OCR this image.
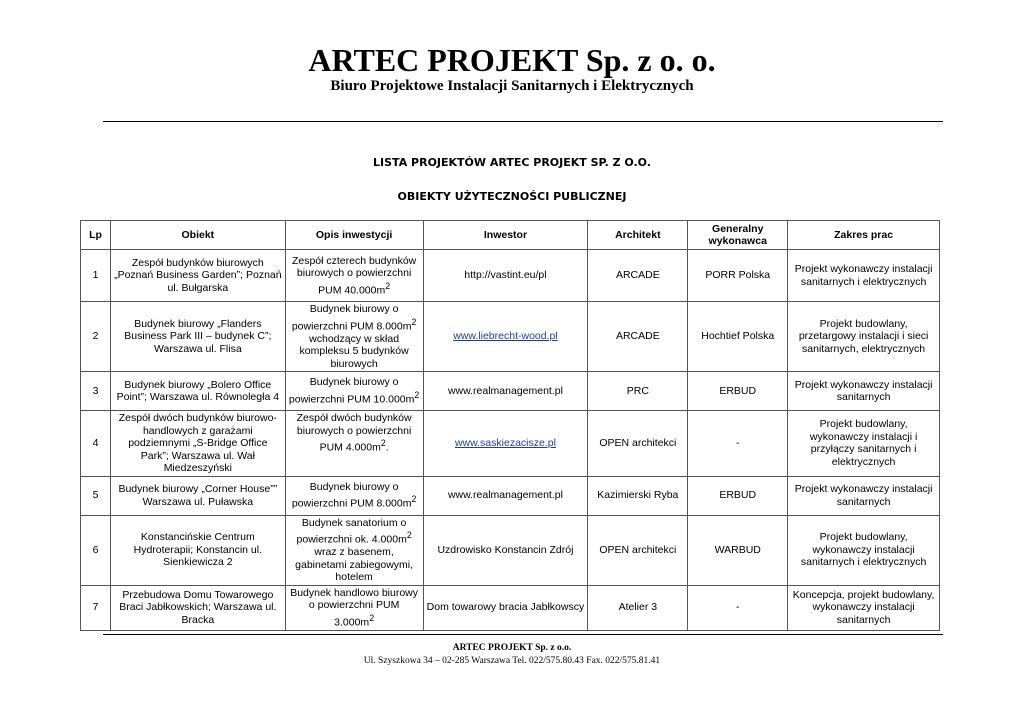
ARTEC PROJEKT Sp. z o. o.
Biuro Projektowe Instalacji Sanitarnych i Elektrycznych
LISTA PROJEKTÓW ARTEC PROJEKT SP. Z O.O.
OBIEKTY UŻYTECZNOŚCI PUBLICZNEJ
Lp	Obiekt	Opis inwestycji	Inwestor	Architekt	Generalny wykonawca	Zakres prac
1	Zespół budynków biurowych „Poznań Business Garden”; Poznań ul. Bułgarska	Zespół czterech budynków biurowych o powierzchni PUM $40.000m^2$	http://vastint.eu/pl	ARCADE	PORR Polska	Projekt wykonawczy instalacji sanitarnych i elektrycznych
2	Budynek biurowy „Flanders Business Park III – budynek C”; Warszawa ul. Flisa	Budynek biurowy o powierzchni PUM $8.000m^2$ wchodzący w skład kompleksu 5 budynków biurowych	www.liebrecht-wood.pl	ARCADE	Hochtief Polska	Projekt budowlany, przetargowy instalacji i sieci sanitarnych, elektrycznych
3	Budynek biurowy „Bolero Office Point”; Warszawa ul. Równoległa 4	Budynek biurowy o powierzchni PUM $10.000m^2$	www.realmanagement.pl	PRC	ERBUD	Projekt wykonawczy instalacji sanitarnych
4	Zespół dwóch budynków biurowo-handlowych z garażami podziemnymi „S-Bridge Office Park”; Warszawa ul. Wał Miedzeszyński	Zespół dwóch budynków biurowych o powierzchni PUM $4.000m^2$.	www.saskiezacisze.pl	OPEN architekci	-	Projekt budowlany, wykonawczy instalacji i przyłączy sanitarnych i elektrycznych
5	Budynek biurowy „Corner House”” Warszawa ul. Puławska	Budynek biurowy o powierzchni PUM $8.000m^2$	www.realmanagement.pl	Kazimierski Ryba	ERBUD	Projekt wykonawczy instalacji sanitarnych
6	Konstancińskie Centrum Hydroterapii; Konstancin ul. Sienkiewicza 2	Budynek sanatorium o powierzchni ok. $4.000m^2$ wraz z basenem, gabinetami zabiegowymi, hotelem	Uzdrowisko Konstancin Zdrój	OPEN architekci	WARBUD	Projekt budowlany, wykonawczy instalacji sanitarnych i elektrycznych
7	Przebudowa Domu Towarowego Braci Jabłkowskich; Warszawa ul. Bracka	Budynek handlowo biurowy o powierzchni PUM $3.000m^2$	Dom towarowy bracia Jabłkowscy	Atelier 3	-	Koncepcja, projekt budowlany, wykonawczy instalacji sanitarnych
ARTEC PROJEKT Sp. z o.o.
Ul. Szyszkowa 34 – 02-285 Warszawa Tel. 022/575.80.43 Fax. 022/575.81.41
